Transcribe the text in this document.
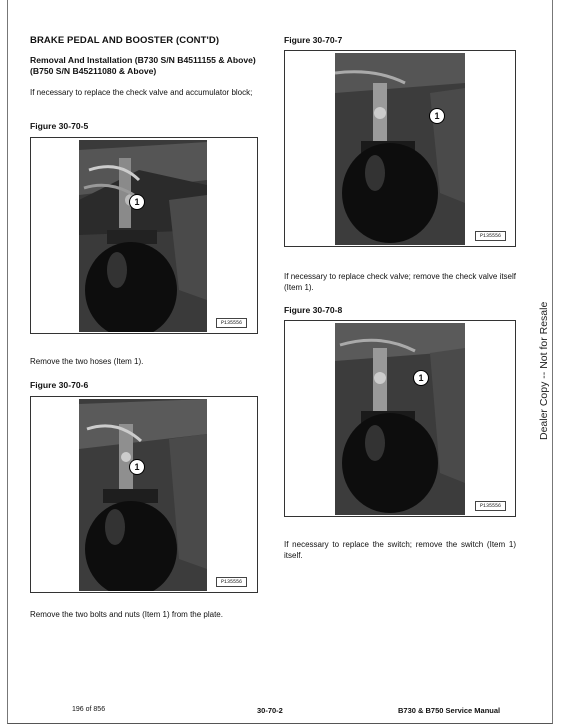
BRAKE PEDAL AND BOOSTER (CONT'D)
Removal And Installation (B730 S/N B4511155 & Above) (B750 S/N B45211080 & Above)
If necessary to replace the check valve and accumulator block;
Figure 30-70-5
1
P135556
Remove the two hoses (Item 1).
Figure 30-70-6
1
P135556
Remove the two bolts and nuts (Item 1) from the plate.
Figure 30-70-7
1
P135556
If necessary to replace check valve; remove the check valve itself (Item 1).
Figure 30-70-8
1
P135556
If necessary to replace the switch; remove the switch (Item 1) itself.
196 of 856	30-70-2	B730 & B750 Service Manual
Dealer Copy -- Not for Resale
